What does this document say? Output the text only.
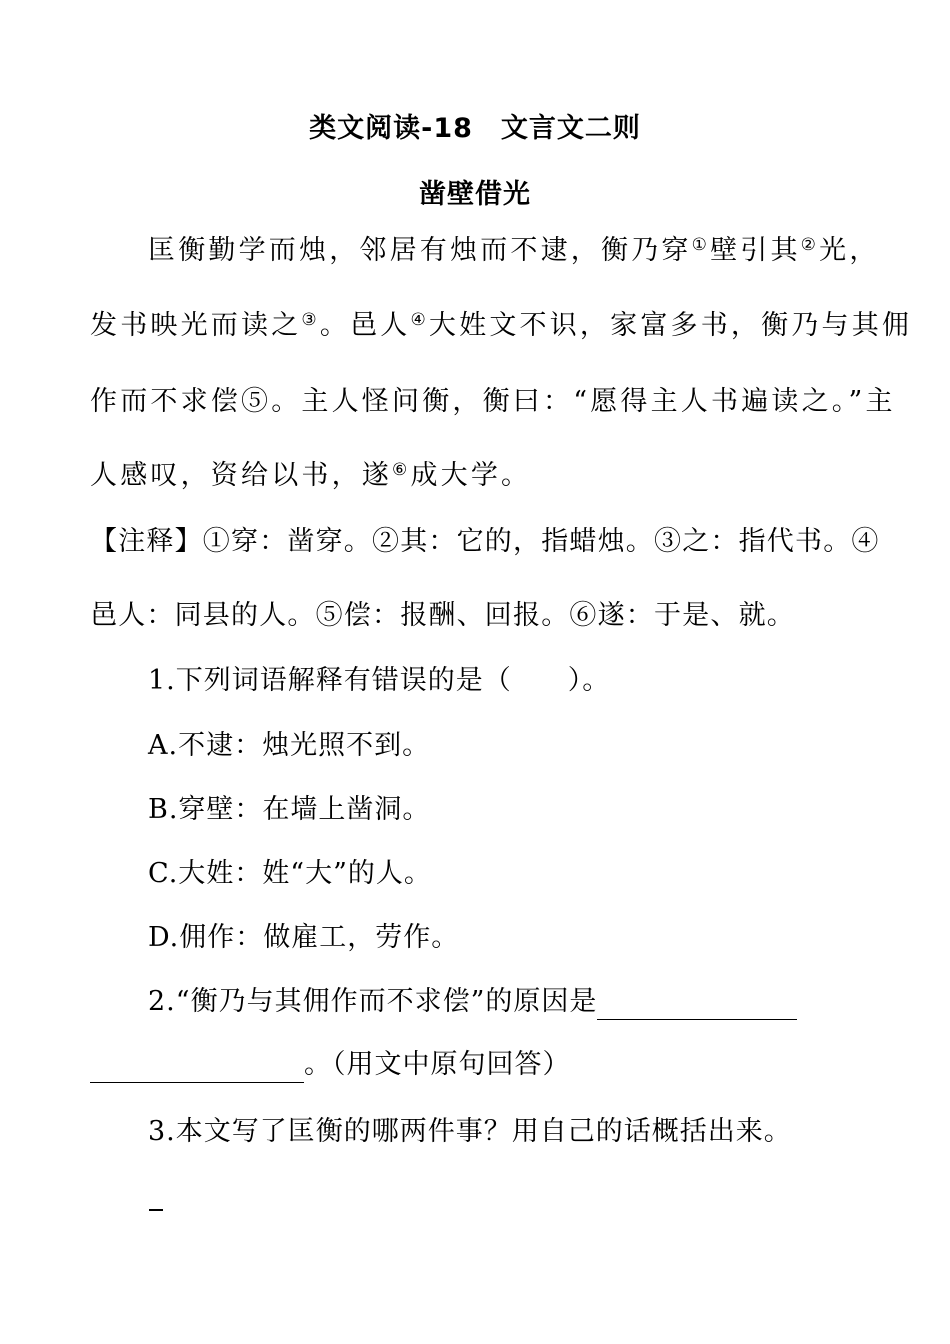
类文阅读-18　文言文二则
凿壁借光
匡衡勤学而烛，邻居有烛而不逮，衡乃穿①壁引其②光，
发书映光而读之③。邑人④大姓文不识，家富多书，衡乃与其佣
作而不求偿⑤。主人怪问衡，衡曰：“愿得主人书遍读之。”主
人感叹，资给以书，遂⑥成大学。
【注释】①穿：凿穿。②其：它的，指蜡烛。③之：指代书。④
邑人：同县的人。⑤偿：报酬、回报。⑥遂：于是、就。
1.下列词语解释有错误的是（　　）。
A.不逮：烛光照不到。
B.穿壁：在墙上凿洞。
C.大姓：姓“大”的人。
D.佣作：做雇工，劳作。
2.“衡乃与其佣作而不求偿”的原因是
。（用文中原句回答）
3.本文写了匡衡的哪两件事？用自己的话概括出来。
